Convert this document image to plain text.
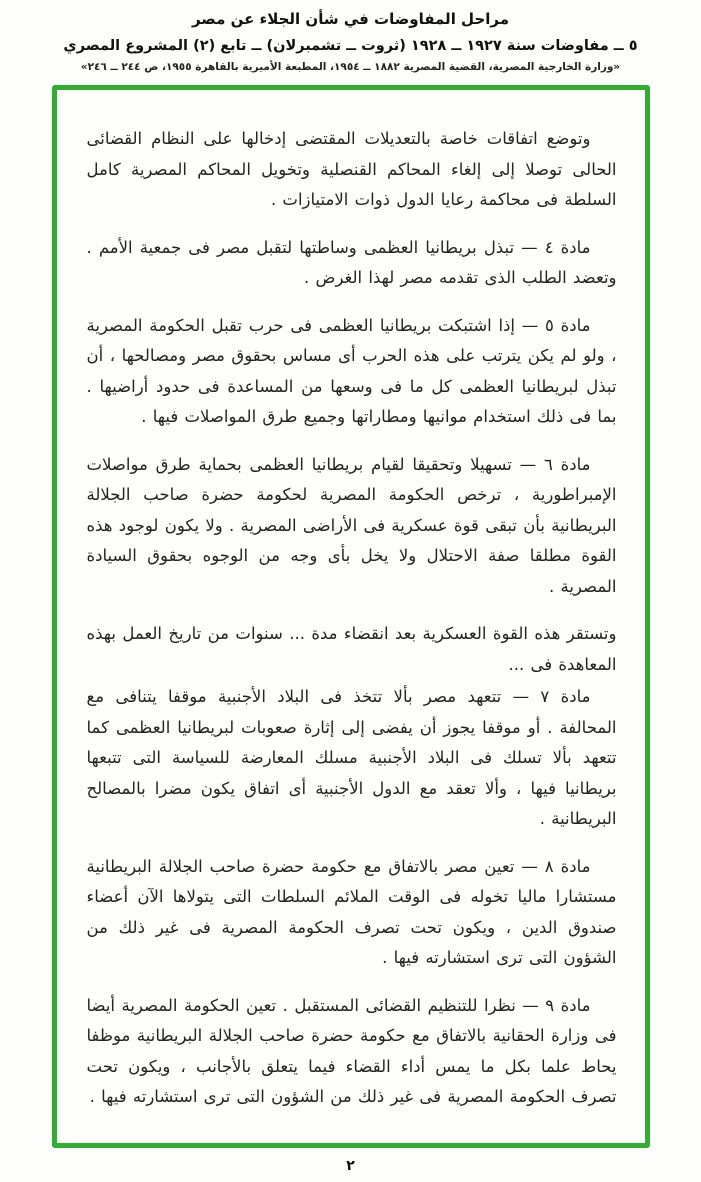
مراحل المفاوضات في شأن الجلاء عن مصر
٥ ــ مفاوضات سنة ١٩٢٧ ــ ١٩٢٨ (ثروت ــ تشمبرلان) ــ تابع (٢) المشروع المصري
«وزارة الخارجية المصرية، القضية المصرية ١٨٨٢ ــ ١٩٥٤، المطبعة الأميرية بالقاهرة ١٩٥٥، ص ٢٤٤ ــ ٢٤٦»

وتوضع اتفاقات خاصة بالتعديلات المقتضى إدخالها على النظام القضائى الحالى توصلا إلى إلغاء المحاكم القنصلية وتخويل المحاكم المصرية كامل السلطة فى محاكمة رعايا الدول ذوات الامتيازات .

مادة ٤ — تبذل بريطانيا العظمى وساطتها لتقبل مصر فى جمعية الأمم . وتعضد الطلب الذى تقدمه مصر لهذا الغرض .

مادة ٥ — إذا اشتبكت بريطانيا العظمى فى حرب تقبل الحكومة المصرية ، ولو لم يكن يترتب على هذه الحرب أى مساس بحقوق مصر ومصالحها ، أن تبذل لبريطانيا العظمى كل ما فى وسعها من المساعدة فى حدود أراضيها . بما فى ذلك استخدام موانيها ومطاراتها وجميع طرق المواصلات فيها .

مادة ٦ — تسهيلا وتحقيقا لقيام بريطانيا العظمى بحماية طرق مواصلات الإمبراطورية ، ترخص الحكومة المصرية لحكومة حضرة صاحب الجلالة البريطانية بأن تبقى قوة عسكرية فى الأراضى المصرية . ولا يكون لوجود هذه القوة مطلقا صفة الاحتلال ولا يخل بأى وجه من الوجوه بحقوق السيادة المصرية .

وتستقر هذه القوة العسكرية بعد انقضاء مدة ... سنوات من تاريخ العمل بهذه المعاهدة فى ...

مادة ٧ — تتعهد مصر بألا تتخذ فى البلاد الأجنبية موقفا يتنافى مع المحالفة . أو موقفا يجوز أن يفضى إلى إثارة صعوبات لبريطانيا العظمى كما تتعهد بألا تسلك فى البلاد الأجنبية مسلك المعارضة للسياسة التى تتبعها بريطانيا فيها ، وألا تعقد مع الدول الأجنبية أى اتفاق يكون مضرا بالمصالح البريطانية .

مادة ٨ — تعين مصر بالاتفاق مع حكومة حضرة صاحب الجلالة البريطانية مستشارا ماليا تخوله فى الوقت الملائم السلطات التى يتولاها الآن أعضاء صندوق الدين ، ويكون تحت تصرف الحكومة المصرية فى غير ذلك من الشؤون التى ترى استشارته فيها .

مادة ٩ — نظرا للتنظيم القضائى المستقبل . تعين الحكومة المصرية أيضا فى وزارة الحقانية بالاتفاق مع حكومة حضرة صاحب الجلالة البريطانية موظفا يحاط علما بكل ما يمس أداء القضاء فيما يتعلق بالأجانب ، ويكون تحت تصرف الحكومة المصرية فى غير ذلك من الشؤون التى ترى استشارته فيها .

٢
